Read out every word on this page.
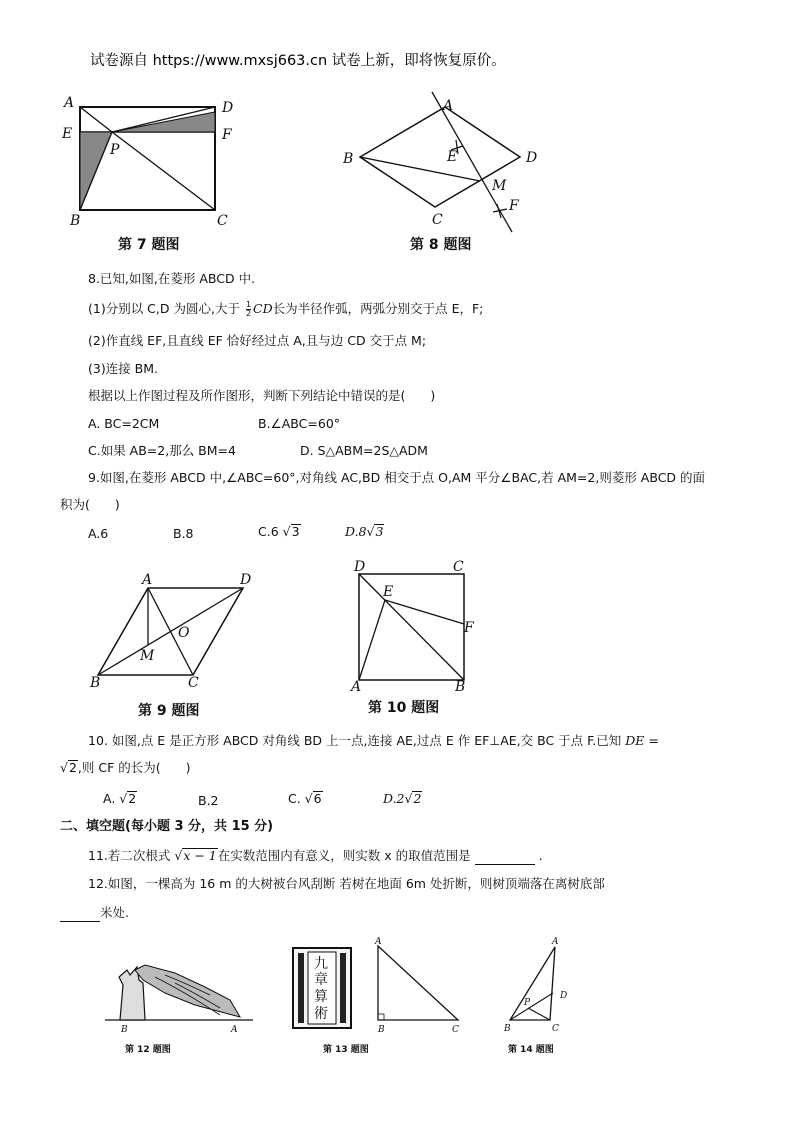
试卷源自 https://www.mxsj663.cn 试卷上新，即将恢复原价。
A
E
B
D
F
C
P
第 7 题图
A
B
C
D
E
M
F
第 8 题图
8.已知,如图,在菱形 ABCD 中.
(1)分别以 C,D 为圆心,大于 $\frac{1}{2}$ CD长为半径作弧，两弧分别交于点 E，F;
(2)作直线 EF,且直线 EF 恰好经过点 A,且与边 CD 交于点 M;
(3)连接 BM.
根据以上作图过程及所作图形，判断下列结论中错误的是(　　)
A. BC=2CM	B.∠ABC=60°
C.如果 AB=2,那么 BM=4	D. S△ABM=2S△ADM
9.如图,在菱形 ABCD 中,∠ABC=60°,对角线 AC,BD 相交于点 O,AM 平分∠BAC,若 AM=2,则菱形 ABCD 的面
积为(　　)
A.6	B.8	C.6 √3	D.8√3
A	D
B	C
O
M
第 9 题图
D	C
E
F
A	B
第 10 题图
10. 如图,点 E 是正方形 ABCD 对角线 BD 上一点,连接 AE,过点 E 作 EF⊥AE,交 BC 于点 F.已知 DE =
√2,则 CF 的长为(　　)
A. √2	B.2	C. √6	D.2√2
二、填空题(每小题 3 分，共 15 分)
11.若二次根式 √x − 1在实数范围内有意义，则实数 x 的取值范围是	.
12.如图，一棵高为 16 m 的大树被台风刮断 若树在地面 6m 处折断，则树顶端落在离树底部
米处.
B	A
第 12 题图
九
章
算
術
A
B	C
第 13 题图
A
D
P
B	C
第 14 题图
